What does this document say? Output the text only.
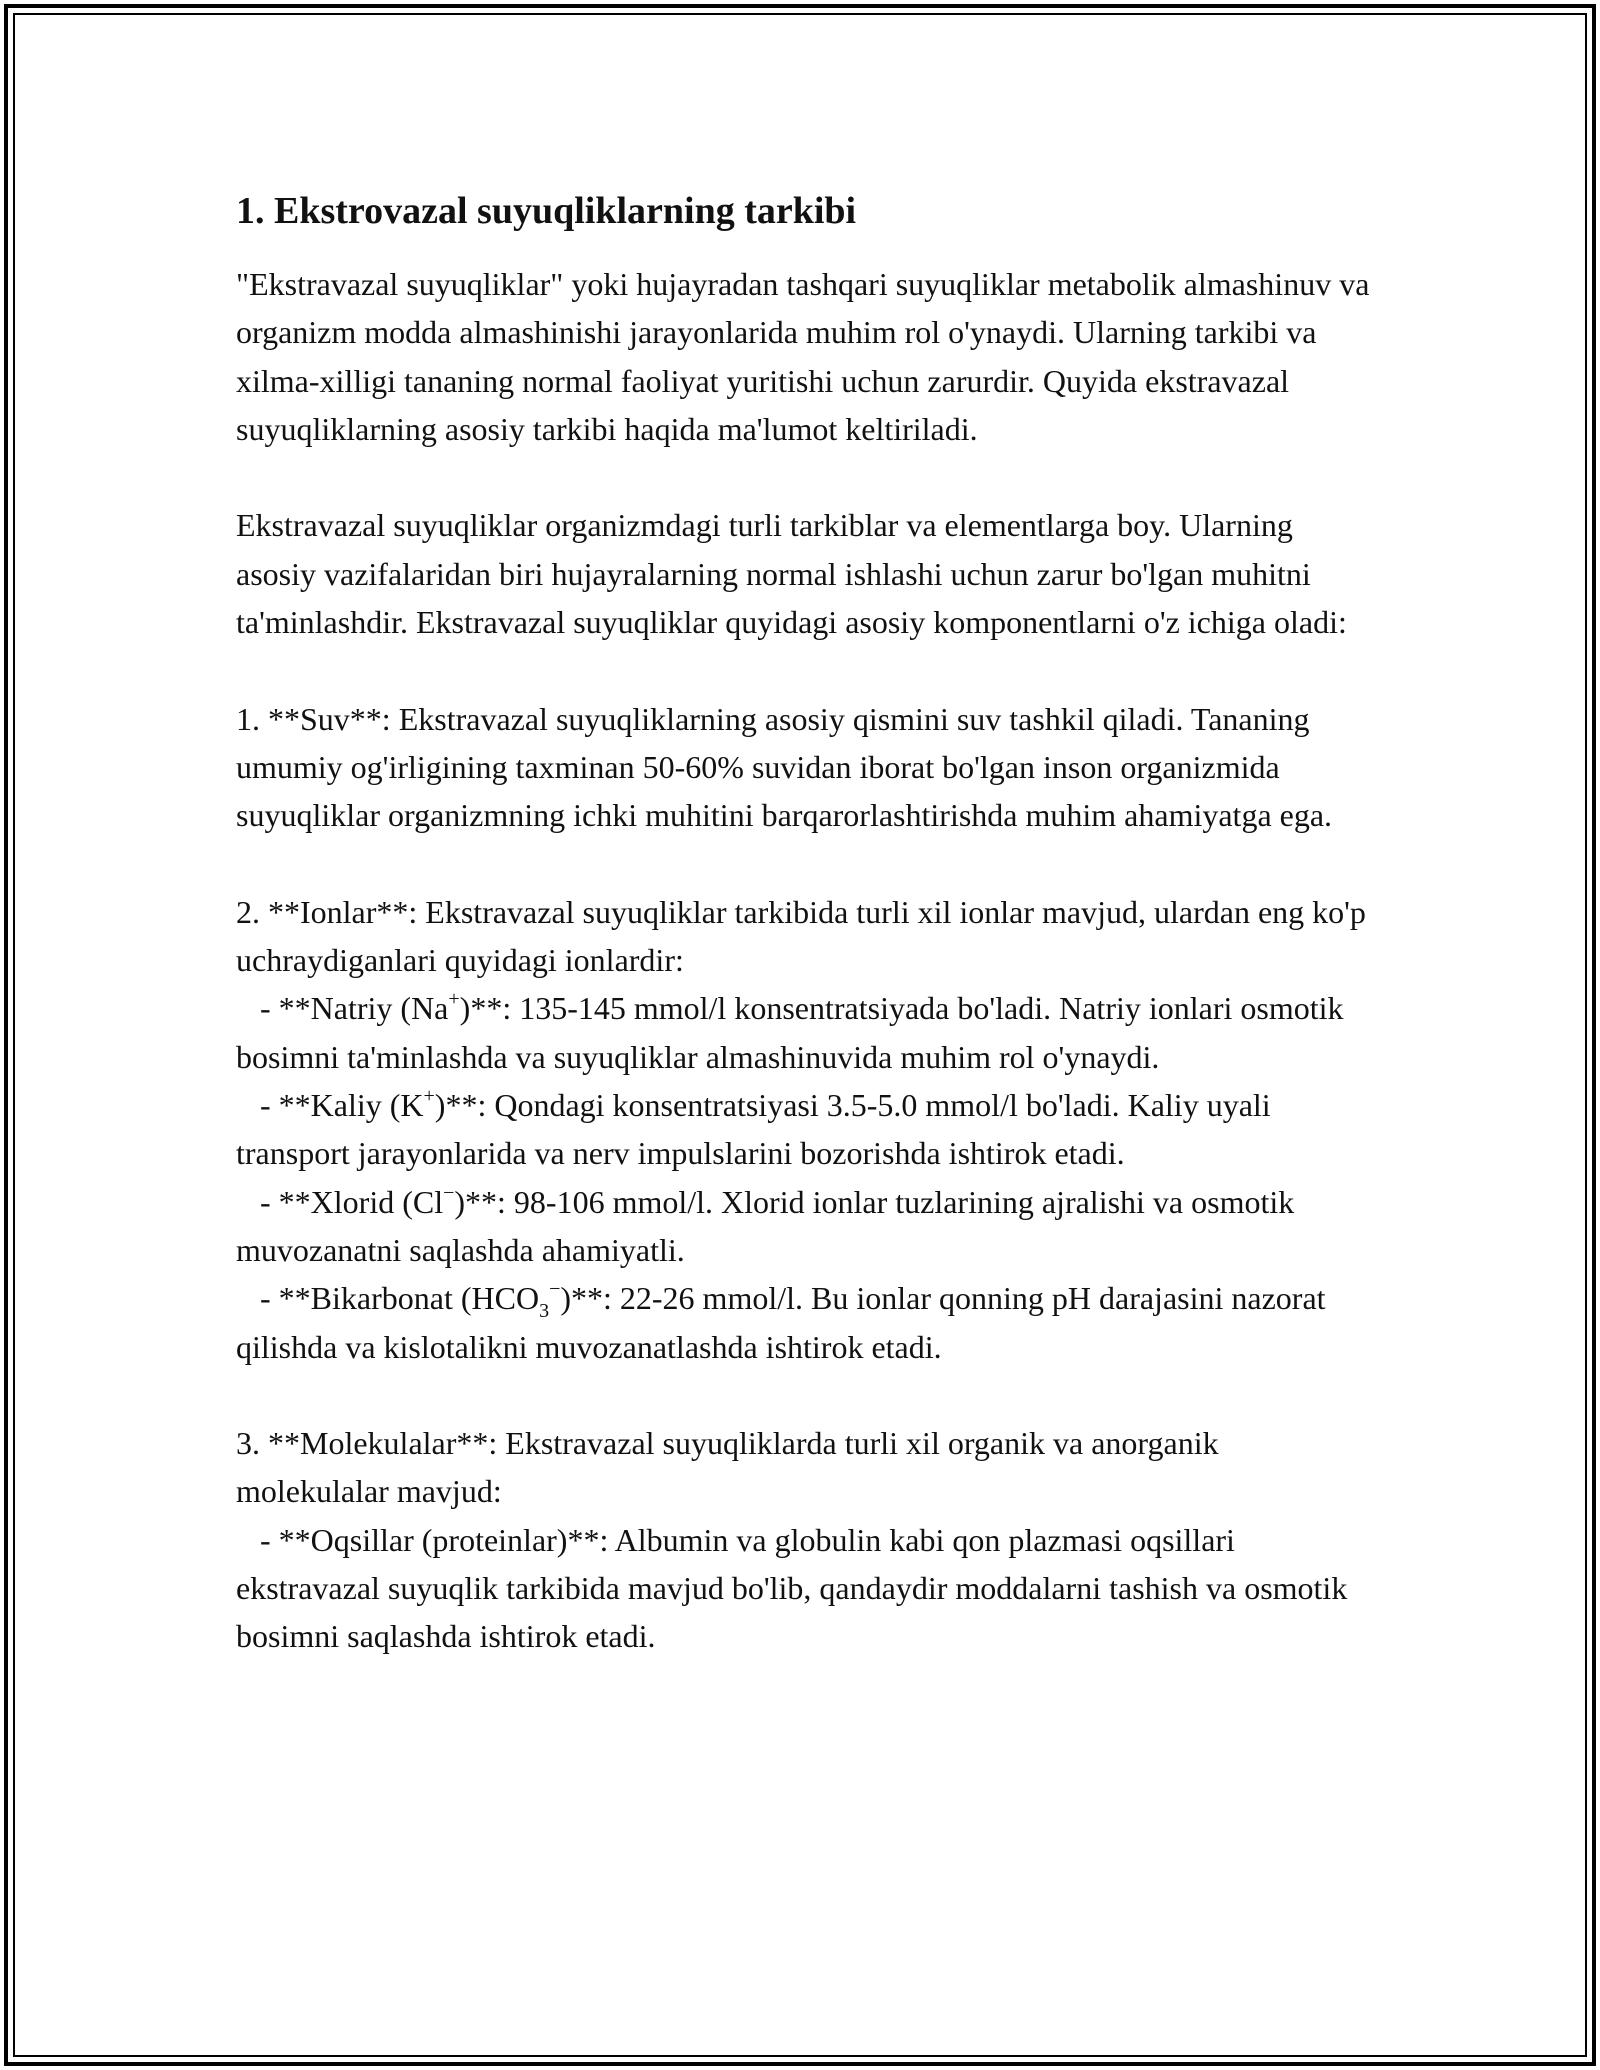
1. Ekstrovazal suyuqliklarning tarkibi

"Ekstravazal suyuqliklar" yoki hujayradan tashqari suyuqliklar metabolik almashinuv va organizm modda almashinishi jarayonlarida muhim rol o'ynaydi. Ularning tarkibi va xilma-xilligi tananing normal faoliyat yuritishi uchun zarurdir. Quyida ekstravazal suyuqliklarning asosiy tarkibi haqida ma'lumot keltiriladi.

Ekstravazal suyuqliklar organizmdagi turli tarkiblar va elementlarga boy. Ularning asosiy vazifalaridan biri hujayralarning normal ishlashi uchun zarur bo'lgan muhitni ta'minlashdir. Ekstravazal suyuqliklar quyidagi asosiy komponentlarni o'z ichiga oladi:

1. **Suv**: Ekstravazal suyuqliklarning asosiy qismini suv tashkil qiladi. Tananing umumiy og'irligining taxminan 50-60% suvidan iborat bo'lgan inson organizmida suyuqliklar organizmning ichki muhitini barqarorlashtirishda muhim ahamiyatga ega.

2. **Ionlar**: Ekstravazal suyuqliklar tarkibida turli xil ionlar mavjud, ulardan eng ko'p uchraydiganlari quyidagi ionlardir:

- **Natriy (Na+)**: 135-145 mmol/l konsentratsiyada bo'ladi. Natriy ionlari osmotik bosimni ta'minlashda va suyuqliklar almashinuvida muhim rol o'ynaydi.

- **Kaliy (K+)**: Qondagi konsentratsiyasi 3.5-5.0 mmol/l bo'ladi. Kaliy uyali transport jarayonlarida va nerv impulslarini bozorishda ishtirok etadi.

- **Xlorid (Cl−)**: 98-106 mmol/l. Xlorid ionlar tuzlarining ajralishi va osmotik muvozanatni saqlashda ahamiyatli.

- **Bikarbonat $(HCO_3^-)**$: 22-26 mmol/l. Bu ionlar qonning pH darajasini nazorat qilishda va kislotalikni muvozanatlashda ishtirok etadi.

3. **Molekulalar**: Ekstravazal suyuqliklarda turli xil organik va anorganik molekulalar mavjud:

- **Oqsillar (proteinlar)**: Albumin va globulin kabi qon plazmasi oqsillari ekstravazal suyuqlik tarkibida mavjud bo'lib, qandaydir moddalarni tashish va osmotik bosimni saqlashda ishtirok etadi.
